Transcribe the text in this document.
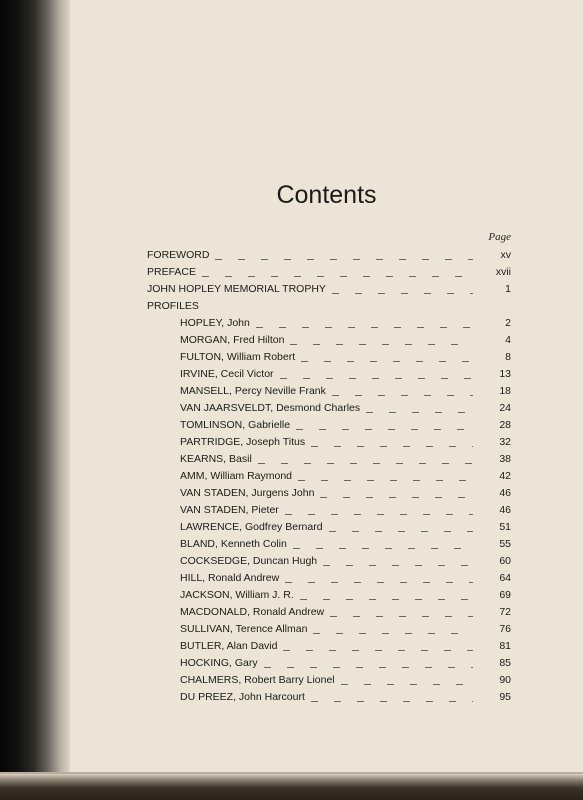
Contents
Page
FOREWORD	xv
PREFACE	xvii
JOHN HOPLEY MEMORIAL TROPHY	1
PROFILES
HOPLEY, John	2
MORGAN, Fred Hilton	4
FULTON, William Robert	8
IRVINE, Cecil Victor	13
MANSELL, Percy Neville Frank	18
VAN JAARSVELDT, Desmond Charles	24
TOMLINSON, Gabrielle	28
PARTRIDGE, Joseph Titus	32
KEARNS, Basil	38
AMM, William Raymond	42
VAN STADEN, Jurgens John	46
VAN STADEN, Pieter	46
LAWRENCE, Godfrey Bernard	51
BLAND, Kenneth Colin	55
COCKSEDGE, Duncan Hugh	60
HILL, Ronald Andrew	64
JACKSON, William J. R.	69
MACDONALD, Ronald Andrew	72
SULLIVAN, Terence Allman	76
BUTLER, Alan David	81
HOCKING, Gary	85
CHALMERS, Robert Barry Lionel	90
DU PREEZ, John Harcourt	95
